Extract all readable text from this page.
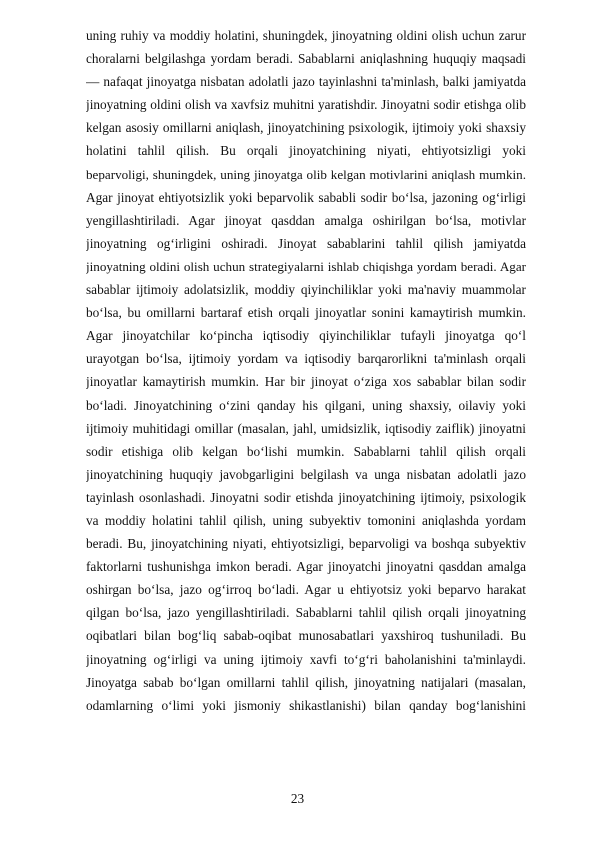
uning ruhiy va moddiy holatini, shuningdek, jinoyatning oldini olish uchun zarur
choralarni belgilashga yordam beradi. Sabablarni aniqlashning huquqiy maqsadi
— nafaqat jinoyatga nisbatan adolatli jazo tayinlashni ta'minlash, balki jamiyatda
jinoyatning oldini olish va xavfsiz muhitni yaratishdir. Jinoyatni sodir etishga olib
kelgan asosiy omillarni aniqlash, jinoyatchining psixologik, ijtimoiy yoki shaxsiy
holatini tahlil qilish. Bu orqali jinoyatchining niyati, ehtiyotsizligi yoki
beparvoligi, shuningdek, uning jinoyatga olib kelgan motivlarini aniqlash mumkin.
Agar jinoyat ehtiyotsizlik yoki beparvolik sababli sodir bo‘lsa, jazoning og‘irligi
yengillashtiriladi. Agar jinoyat qasddan amalga oshirilgan bo‘lsa, motivlar
jinoyatning og‘irligini oshiradi. Jinoyat sabablarini tahlil qilish jamiyatda
jinoyatning oldini olish uchun strategiyalarni ishlab chiqishga yordam beradi. Agar
sabablar ijtimoiy adolatsizlik, moddiy qiyinchiliklar yoki ma'naviy muammolar
bo‘lsa, bu omillarni bartaraf etish orqali jinoyatlar sonini kamaytirish mumkin.
Agar jinoyatchilar ko‘pincha iqtisodiy qiyinchiliklar tufayli jinoyatga qo‘l
urayotgan bo‘lsa, ijtimoiy yordam va iqtisodiy barqarorlikni ta'minlash orqali
jinoyatlar kamaytirish mumkin. Har bir jinoyat o‘ziga xos sabablar bilan sodir
bo‘ladi. Jinoyatchining o‘zini qanday his qilgani, uning shaxsiy, oilaviy yoki
ijtimoiy muhitidagi omillar (masalan, jahl, umidsizlik, iqtisodiy zaiflik) jinoyatni
sodir etishiga olib kelgan bo‘lishi mumkin. Sabablarni tahlil qilish orqali
jinoyatchining huquqiy javobgarligini belgilash va unga nisbatan adolatli jazo
tayinlash osonlashadi. Jinoyatni sodir etishda jinoyatchining ijtimoiy, psixologik
va moddiy holatini tahlil qilish, uning subyektiv tomonini aniqlashda yordam
beradi. Bu, jinoyatchining niyati, ehtiyotsizligi, beparvoligi va boshqa subyektiv
faktorlarni tushunishga imkon beradi. Agar jinoyatchi jinoyatni qasddan amalga
oshirgan bo‘lsa, jazo og‘irroq bo‘ladi. Agar u ehtiyotsiz yoki beparvo harakat
qilgan bo‘lsa, jazo yengillashtiriladi. Sabablarni tahlil qilish orqali jinoyatning
oqibatlari bilan bog‘liq sabab-oqibat munosabatlari yaxshiroq tushuniladi. Bu
jinoyatning og‘irligi va uning ijtimoiy xavfi to‘g‘ri baholanishini ta'minlaydi.
Jinoyatga sabab bo‘lgan omillarni tahlil qilish, jinoyatning natijalari (masalan,
odamlarning o‘limi yoki jismoniy shikastlanishi) bilan qanday bog‘lanishini
23
